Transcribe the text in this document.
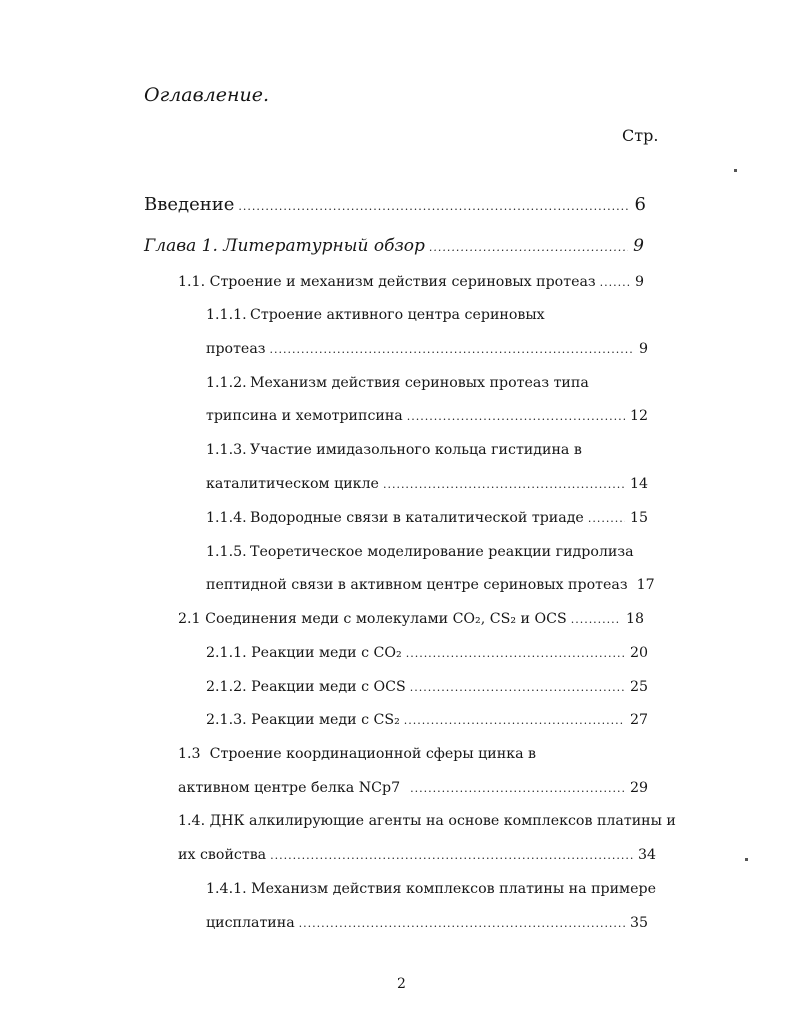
Оглавление.
Стр.
Введение .....	6
Глава 1. Литературный обзор .....	9
1.1. Строение и механизм действия сериновых протеаз .....	9
1.1.1. Строение активного центра сериновых
протеаз .....	9
1.1.2. Механизм действия сериновых протеаз типа
трипсина и хемотрипсина .....	12
1.1.3. Участие имидазольного кольца гистидина в
каталитическом цикле .....	14
1.1.4. Водородные связи в каталитической триаде .....	15
1.1.5. Теоретическое моделирование реакции гидролиза
пептидной связи в активном центре сериновых протеаз 17
2.1 Соединения меди с молекулами CO₂, CS₂ и OCS .....	18
2.1.1. Реакции меди с CO₂ .....	20
2.1.2. Реакции меди с OCS .....	25
2.1.3. Реакции меди с CS₂ .....	27
1.3 Строение координационной сферы цинка в
активном центре белка NCp7 .....	29
1.4. ДНК алкилирующие агенты на основе комплексов платины и
их свойства .....	34
1.4.1. Механизм действия комплексов платины на примере
цисплатина .....	35
2
